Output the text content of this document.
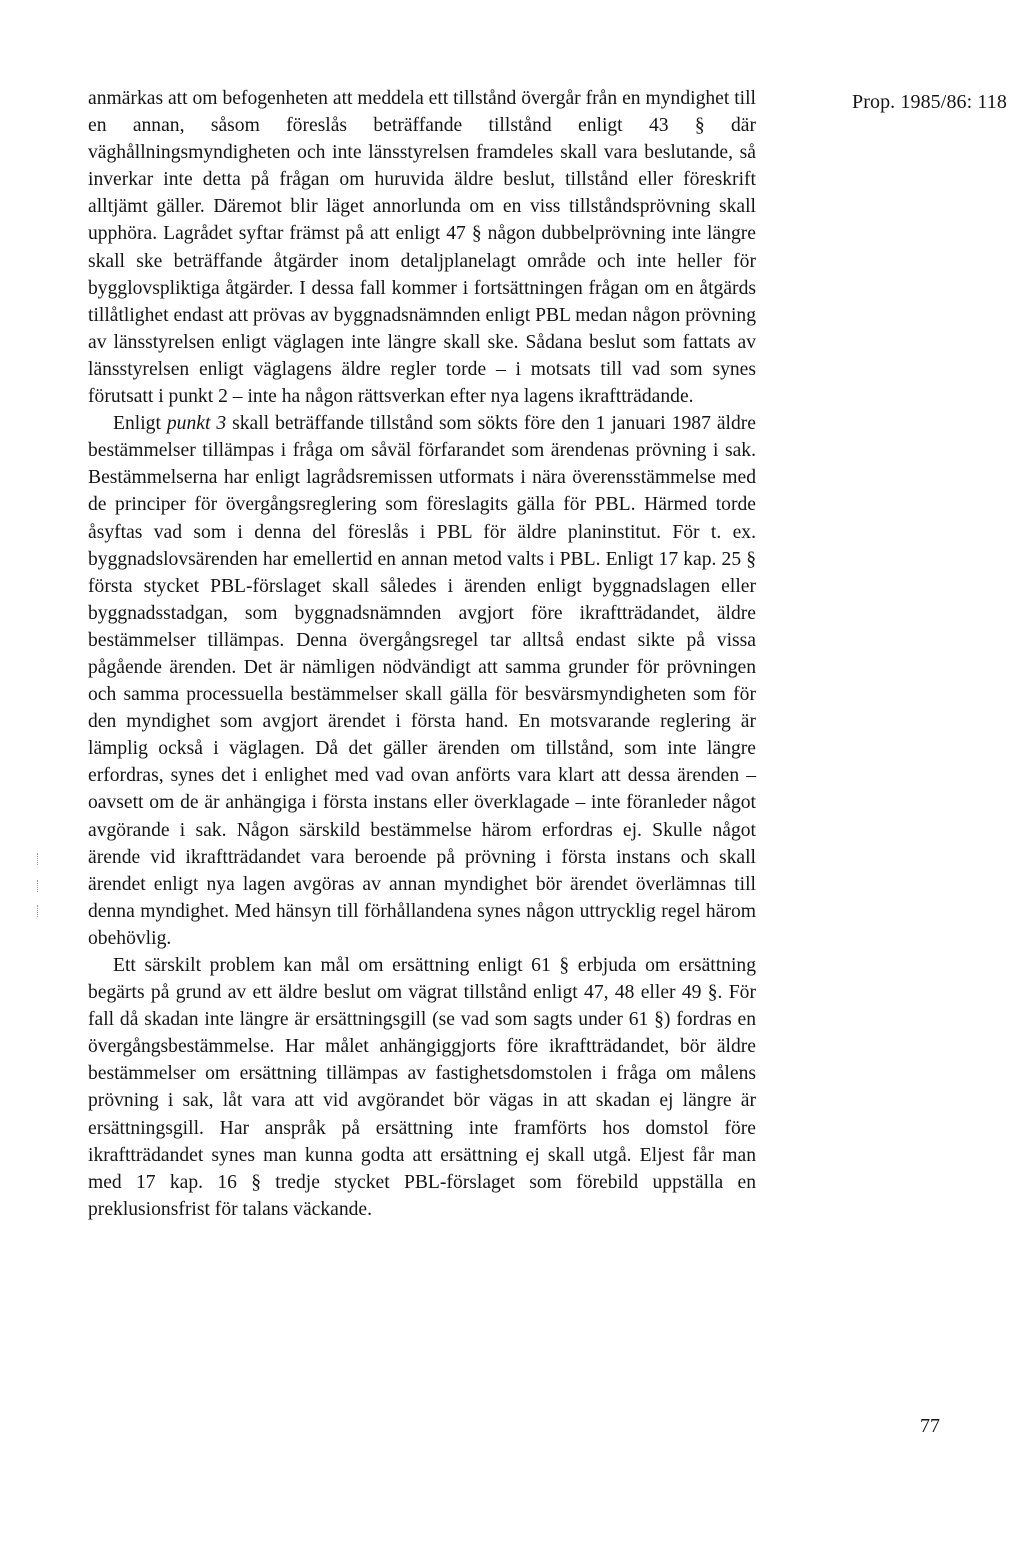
Prop. 1985/86: 118

anmärkas att om befogenheten att meddela ett tillstånd övergår från en myndighet till en annan, såsom föreslås beträffande tillstånd enligt 43 § där väghållningsmyndigheten och inte länsstyrelsen framdeles skall vara beslutande, så inverkar inte detta på frågan om huruvida äldre beslut, tillstånd eller föreskrift alltjämt gäller. Däremot blir läget annorlunda om en viss tillståndsprövning skall upphöra. Lagrådet syftar främst på att enligt 47 § någon dubbelprövning inte längre skall ske beträffande åtgärder inom detaljplanelagt område och inte heller för bygglovspliktiga åtgärder. I dessa fall kommer i fortsättningen frågan om en åtgärds tillåtlighet endast att prövas av byggnadsnämnden enligt PBL medan någon prövning av länsstyrelsen enligt väglagen inte längre skall ske. Sådana beslut som fattats av länsstyrelsen enligt väglagens äldre regler torde – i motsats till vad som synes förutsatt i punkt 2 – inte ha någon rättsverkan efter nya lagens ikraftträdande.

Enligt punkt 3 skall beträffande tillstånd som sökts före den 1 januari 1987 äldre bestämmelser tillämpas i fråga om såväl förfarandet som ärendenas prövning i sak. Bestämmelserna har enligt lagrådsremissen utformats i nära överensstämmelse med de principer för övergångsreglering som föreslagits gälla för PBL. Härmed torde åsyftas vad som i denna del föreslås i PBL för äldre planinstitut. För t. ex. byggnadslovsärenden har emellertid en annan metod valts i PBL. Enligt 17 kap. 25 § första stycket PBL-förslaget skall således i ärenden enligt byggnadslagen eller byggnadsstadgan, som byggnadsnämnden avgjort före ikraftträdandet, äldre bestämmelser tillämpas. Denna övergångsregel tar alltså endast sikte på vissa pågående ärenden. Det är nämligen nödvändigt att samma grunder för prövningen och samma processuella bestämmelser skall gälla för besvärsmyndigheten som för den myndighet som avgjort ärendet i första hand. En motsvarande reglering är lämplig också i väglagen. Då det gäller ärenden om tillstånd, som inte längre erfordras, synes det i enlighet med vad ovan anförts vara klart att dessa ärenden – oavsett om de är anhängiga i första instans eller överklagade – inte föranleder något avgörande i sak. Någon särskild bestämmelse härom erfordras ej. Skulle något ärende vid ikraftträdandet vara beroende på prövning i första instans och skall ärendet enligt nya lagen avgöras av annan myndighet bör ärendet överlämnas till denna myndighet. Med hänsyn till förhållandena synes någon uttrycklig regel härom obehövlig.

Ett särskilt problem kan mål om ersättning enligt 61 § erbjuda om ersättning begärts på grund av ett äldre beslut om vägrat tillstånd enligt 47, 48 eller 49 §. För fall då skadan inte längre är ersättningsgill (se vad som sagts under 61 §) fordras en övergångsbestämmelse. Har målet anhängiggjorts före ikraftträdandet, bör äldre bestämmelser om ersättning tillämpas av fastighetsdomstolen i fråga om målens prövning i sak, låt vara att vid avgörandet bör vägas in att skadan ej längre är ersättningsgill. Har anspråk på ersättning inte framförts hos domstol före ikraftträdandet synes man kunna godta att ersättning ej skall utgå. Eljest får man med 17 kap. 16 § tredje stycket PBL-förslaget som förebild uppställa en preklusionsfrist för talans väckande.

77
